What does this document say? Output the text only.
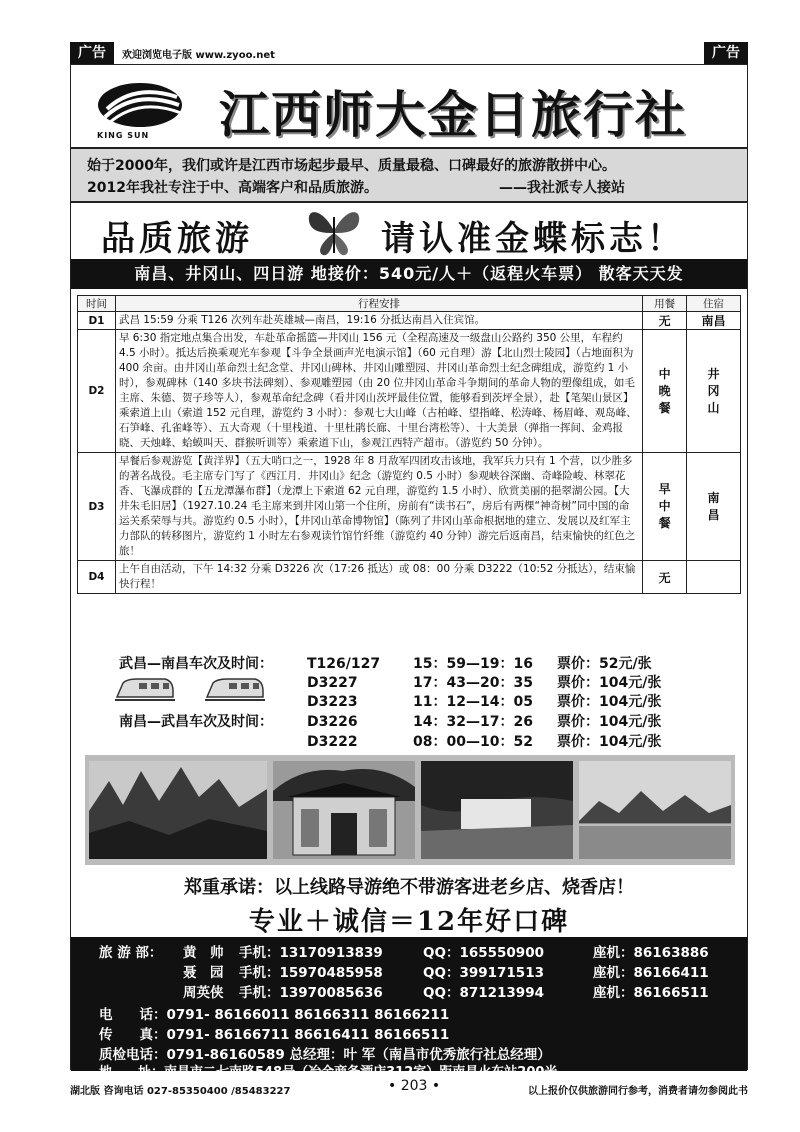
广告	欢迎浏览电子版 www.zyoo.net	广告
KING SUN 江西师大金日旅行社

始于2000年，我们或许是江西市场起步最早、质量最稳、口碑最好的旅游散拼中心。

2012年我社专注于中、高端客户和品质旅游。	——我社派专人接站
品质旅游	请认准金蝶标志！
南昌、井冈山、四日游 地接价：540元/人＋（返程火车票） 散客天天发
时间	行程安排	用餐	住宿
D1	武昌 15:59 分乘 T126 次列车赴英雄城—南昌，19:16 分抵达南昌入住宾馆。	无	南昌
D2	早 6:30 指定地点集合出发，车赴革命摇篮—井冈山 156 元（全程高速及一级盘山公路约 350 公里，车程约 4.5 小时）。抵达后换乘观光车参观【斗争全景画声光电演示馆】（60 元自理）游【北山烈士陵园】（占地面积为 400 余亩。由井冈山革命烈士纪念堂、井冈山碑林、井冈山雕塑园、井冈山革命烈士纪念碑组成，游览约 1 小时），参观碑林（140 多块书法碑刻）、参观雕塑园（由 20 位井冈山革命斗争期间的革命人物的塑像组成，如毛主席、朱德、贺子珍等人），参观革命纪念碑（看井冈山茨坪最佳位置，能够看到茨坪全景），赴【笔架山景区】乘索道上山（索道 152 元自理，游览约 3 小时）：参观七大山峰（古柏峰、望指峰、松涛峰、杨眉峰、观岛峰、石笋峰、孔雀峰等）、五大奇观（十里栈道、十里杜鹃长廊、十里台湾松等）、十大美景（弹指一挥间、金鸡报晓、天烛峰、蛤蟆叫天、群猴听训等）乘索道下山，参观江西特产超市。（游览约 50 分钟）。	中晚餐	井冈山
D3	早餐后参观游览【黄洋界】（五大哨口之一，1928 年 8 月敌军四团攻击该地，我军兵力只有 1 个营，以少胜多的著名战役。毛主席专门写了《西江月．井冈山》纪念（游览约 0.5 小时）参观峡谷深幽、奇峰险峻、林翠花香、飞瀑成群的【五龙潭瀑布群】（龙潭上下索道 62 元自理，游览约 1.5 小时）、欣赏美丽的挹翠湖公园。【大井朱毛旧居】（1927.10.24 毛主席来到井冈山第一个住所，房前有“读书石”，房后有两棵“神奇树”同中国的命运关系荣辱与共。游览约 0.5 小时），【井冈山革命博物馆】（陈列了井冈山革命根据地的建立、发展以及红军主力部队的转移图片，游览约 1 小时左右参观读竹馆竹纤维（游览约 40 分钟）游完后返南昌，结束愉快的红色之旅！	早中餐	南昌
D4	上午自由活动，下午 14:32 分乘 D3226 次（17:26 抵达）或 08：00 分乘 D3222（10:52 分抵达），结束愉快行程！	无	
武昌—南昌车次及时间：
南昌—武昌车次及时间：
T126/127 15：59—19：16 票价：52元/张
D3227	17：43—20：35 票价：104元/张
D3223	11：12—14：05 票价：104元/张
D3226	14：32—17：26 票价：104元/张
D3222	08：00—10：52 票价：104元/张
郑重承诺：以上线路导游绝不带游客进老乡店、烧香店！
专业＋诚信＝12年好口碑
旅 游 部： 黄　帅 手机：13170913839	QQ：165550900	座机：86163886
聂　园 手机：15970485958	QQ：399171513	座机：86166411
周英侠 手机：13970085636	QQ：871213994	座机：86166511
电　　话：0791- 86166011 86166311 86166211
传　　真：0791- 86166711 86616411 86166511
质检电话：0791-86160589 总经理：叶 军（南昌市优秀旅行社总经理）
地　　址：南昌市二七南路548号（冶金商务酒店312室）距南昌火车站200米
湖北版 咨询电话 027-85350400 /85483227	• 203 •	以上报价仅供旅游同行参考，消费者请勿参阅此书
